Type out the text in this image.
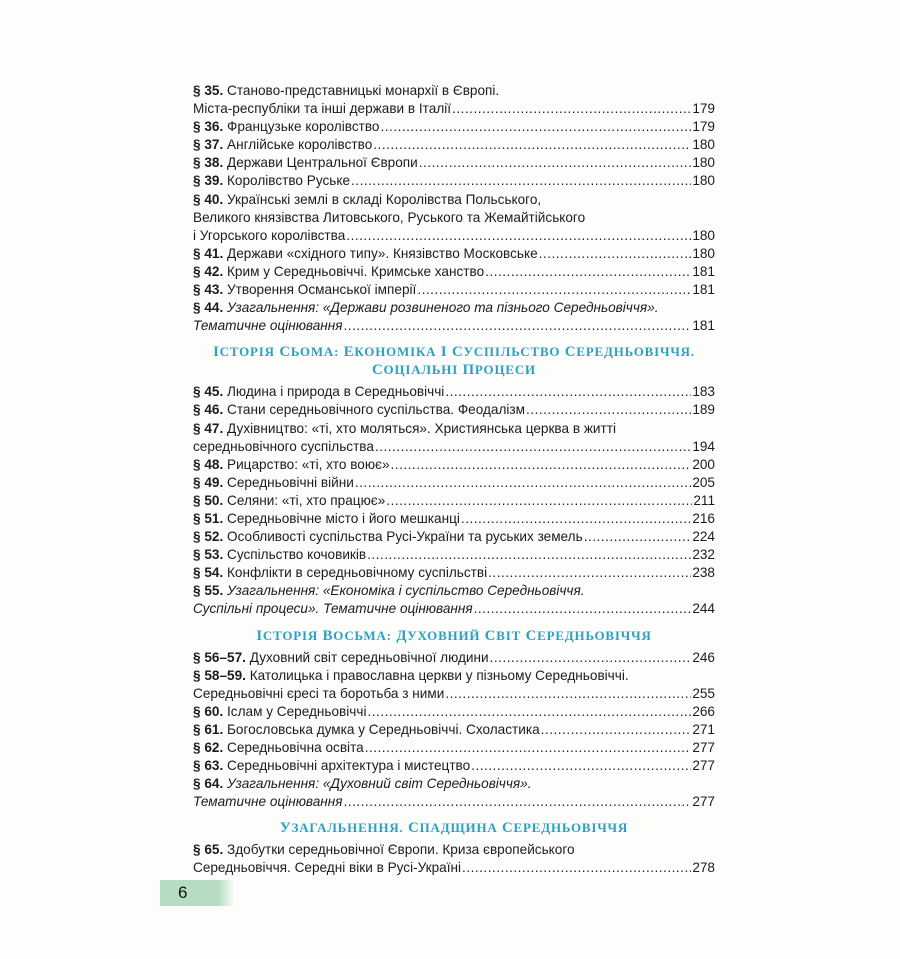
§ 35. Станово-представницькі монархії в Європі.
Міста-республіки та інші держави в Італії .....	179
§ 36. Французьке королівство .....	179
§ 37. Англійське королівство .....	180
§ 38. Держави Центральної Європи .....	180
§ 39. Королівство Руське .....	180
§ 40. Українські землі в складі Королівства Польського,
Великого князівства Литовського, Руського та Жемайтійського
і Угорського королівства .....	180
§ 41. Держави «східного типу». Князівство Московське .....	180
§ 42. Крим у Середньовіччі. Кримське ханство .....	181
§ 43. Утворення Османської імперії .....	181
§ 44. Узагальнення: «Держави розвиненого та пізнього Середньовіччя».
Тематичне оцінювання .....	181
ІСТОРІЯ СЬОМА: ЕКОНОМІКА І СУСПІЛЬСТВО СЕРЕДНЬОВІЧЧЯ.
СОЦІАЛЬНІ ПРОЦЕСИ
§ 45. Людина і природа в Середньовіччі .....	183
§ 46. Стани середньовічного суспільства. Феодалізм .....	189
§ 47. Духівництво: «ті, хто моляться». Християнська церква в житті
середньовічного суспільства .....	194
§ 48. Рицарство: «ті, хто воює» .....	200
§ 49. Середньовічні війни .....	205
§ 50. Селяни: «ті, хто працює» .....	211
§ 51. Середньовічне місто і його мешканці .....	216
§ 52. Особливості суспільства Русі-України та руських земель .....	224
§ 53. Суспільство кочовиків .....	232
§ 54. Конфлікти в середньовічному суспільстві .....	238
§ 55. Узагальнення: «Економіка і суспільство Середньовіччя.
Суспільні процеси». Тематичне оцінювання .....	244
ІСТОРІЯ ВОСЬМА: ДУХОВНИЙ СВІТ СЕРЕДНЬОВІЧЧЯ
§ 56–57. Духовний світ середньовічної людини .....	246
§ 58–59. Католицька і православна церкви у пізньому Середньовіччі.
Середньовічні єресі та боротьба з ними .....	255
§ 60. Іслам у Середньовіччі .....	266
§ 61. Богословська думка у Середньовіччі. Схоластика .....	271
§ 62. Середньовічна освіта .....	277
§ 63. Середньовічні архітектура і мистецтво .....	277
§ 64. Узагальнення: «Духовний світ Середньовіччя».
Тематичне оцінювання .....	277
УЗАГАЛЬНЕННЯ. СПАДЩИНА СЕРЕДНЬОВІЧЧЯ
§ 65. Здобутки середньовічної Європи. Криза європейського
Середньовіччя. Середні віки в Русі-Україні .....	278
6
